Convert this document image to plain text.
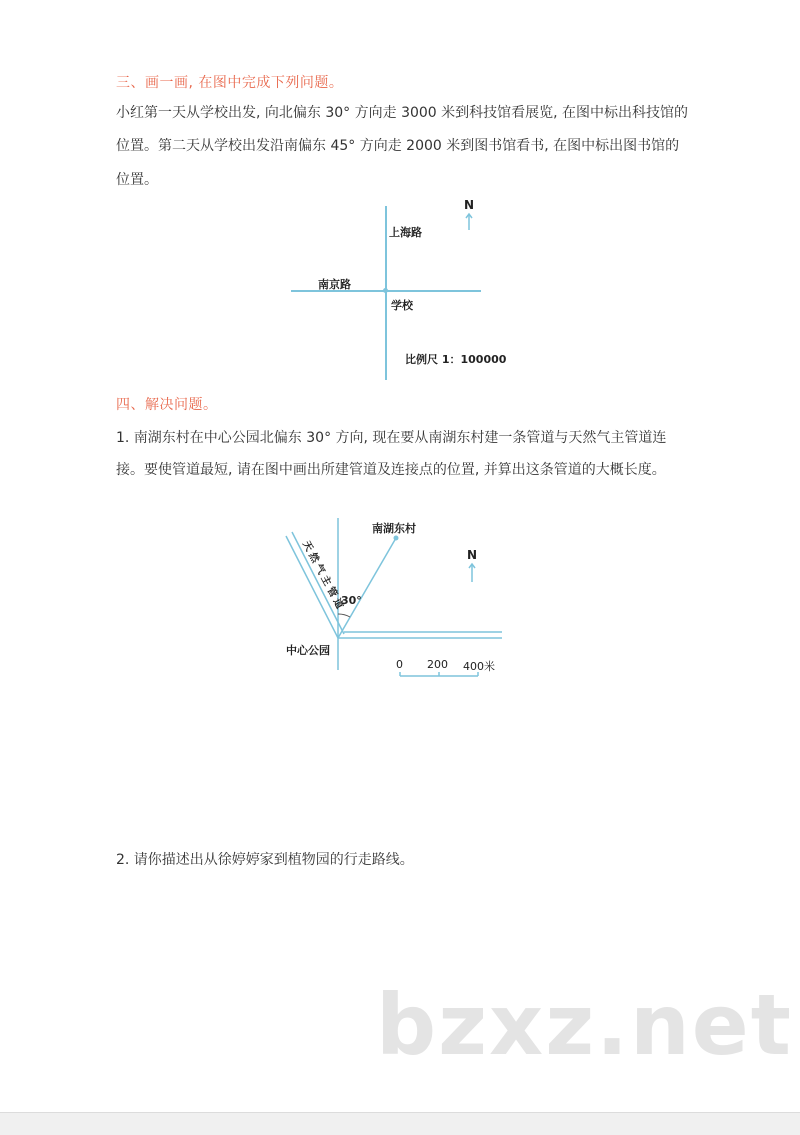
三、画一画, 在图中完成下列问题。
小红第一天从学校出发, 向北偏东 30° 方向走 3000 米到科技馆看展览, 在图中标出科技馆的
位置。第二天从学校出发沿南偏东 45° 方向走 2000 米到图书馆看书, 在图中标出图书馆的
位置。
上海路
南京路
学校
N
比例尺 1：100000
四、解决问题。
1. 南湖东村在中心公园北偏东 30° 方向, 现在要从南湖东村建一条管道与天然气主管道连
接。要使管道最短, 请在图中画出所建管道及连接点的位置, 并算出这条管道的大概长度。
南湖东村
N
30°
天然气主管道
中心公园
0 200 400米
2. 请你描述出从徐婷婷家到植物园的行走路线。
bzxz.net
